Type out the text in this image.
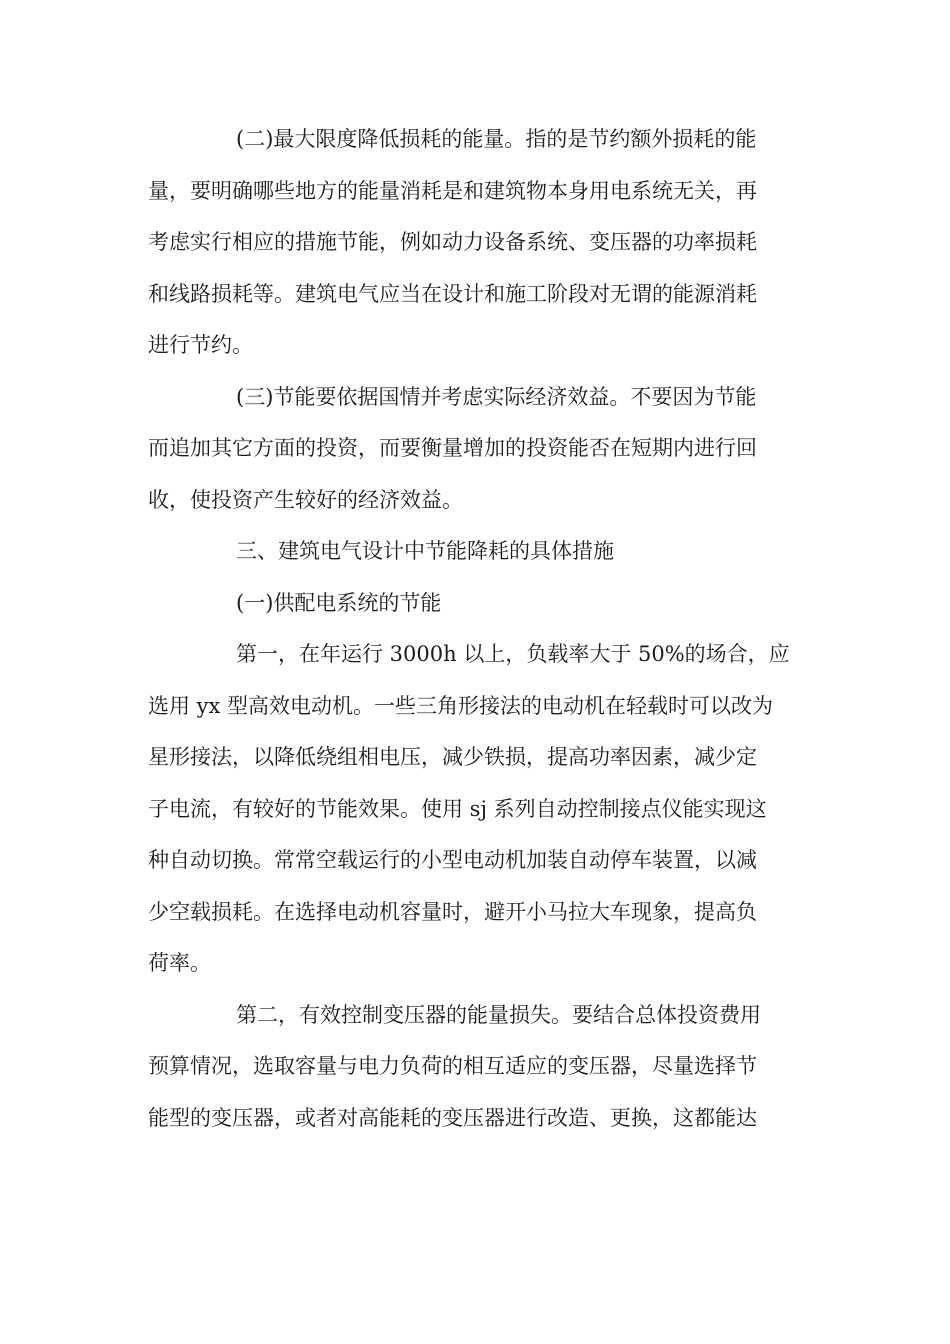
(二)最大限度降低损耗的能量。指的是节约额外损耗的能
量，要明确哪些地方的能量消耗是和建筑物本身用电系统无关，再
考虑实行相应的措施节能，例如动力设备系统、变压器的功率损耗
和线路损耗等。建筑电气应当在设计和施工阶段对无谓的能源消耗
进行节约。
(三)节能要依据国情并考虑实际经济效益。不要因为节能
而追加其它方面的投资，而要衡量增加的投资能否在短期内进行回
收，使投资产生较好的经济效益。
三、建筑电气设计中节能降耗的具体措施
(一)供配电系统的节能
第一，在年运行 3000h 以上，负载率大于 50%的场合，应
选用 yx 型高效电动机。一些三角形接法的电动机在轻载时可以改为
星形接法，以降低绕组相电压，减少铁损，提高功率因素，减少定
子电流，有较好的节能效果。使用 sj 系列自动控制接点仪能实现这
种自动切换。常常空载运行的小型电动机加装自动停车装置，以减
少空载损耗。在选择电动机容量时，避开小马拉大车现象，提高负
荷率。
第二，有效控制变压器的能量损失。要结合总体投资费用
预算情况，选取容量与电力负荷的相互适应的变压器，尽量选择节
能型的变压器，或者对高能耗的变压器进行改造、更换，这都能达
